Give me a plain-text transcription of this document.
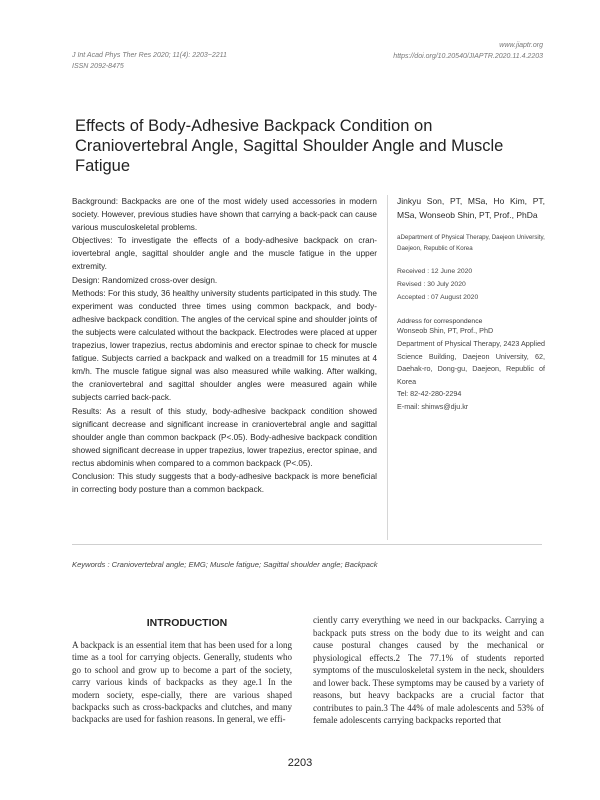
J Int Acad Phys Ther Res 2020; 11(4): 2203~2211
ISSN 2092-8475
www.jiaptr.org
https://doi.org/10.20540/JIAPTR.2020.11.4.2203
Effects of Body-Adhesive Backpack Condition on Craniovertebral Angle, Sagittal Shoulder Angle and Muscle Fatigue

Background: Backpacks are one of the most widely used accessories in modern society. However, previous studies have shown that carrying a back-pack can cause various musculoskeletal problems.

Objectives: To investigate the effects of a body-adhesive backpack on cran-iovertebral angle, sagittal shoulder angle and the muscle fatigue in the upper extremity.

Design: Randomized cross-over design.

Methods: For this study, 36 healthy university students participated in this study. The experiment was conducted three times using common backpack, and body-adhesive backpack condition. The angles of the cervical spine and shoulder joints of the subjects were calculated without the backpack. Electrodes were placed at upper trapezius, lower trapezius, rectus abdominis and erector spinae to check for muscle fatigue. Subjects carried a backpack and walked on a treadmill for 15 minutes at 4 km/h. The muscle fatigue signal was also measured while walking. After walking, the craniovertebral and sagittal shoulder angles were measured again while subjects carried back-pack.

Results: As a result of this study, body-adhesive backpack condition showed significant decrease and significant increase in craniovertebral angle and sagittal shoulder angle than common backpack (P<.05). Body-adhesive backpack condition showed significant decrease in upper trapezius, lower trapezius, erector spinae, and rectus abdominis when compared to a common backpack (P<.05).

Conclusion: This study suggests that a body-adhesive backpack is more beneficial in correcting body posture than a common backpack.

Jinkyu Son, PT, MSa, Ho Kim, PT, MSa, Wonseob Shin, PT, Prof., PhDa
aDepartment of Physical Therapy, Daejeon University, Daejeon, Republic of Korea
Received : 12 June 2020
Revised : 30 July 2020
Accepted : 07 August 2020
Address for correspondence
Wonseob Shin, PT, Prof., PhD
Department of Physical Therapy, 2423 Applied Science Building, Daejeon University, 62, Daehak-ro, Dong-gu, Daejeon, Republic of Korea
Tel: 82-42-280-2294
E-mail: shinws@dju.kr
Keywords : Craniovertebral angle; EMG; Muscle fatigue; Sagittal shoulder angle; Backpack
INTRODUCTION
A backpack is an essential item that has been used for a long time as a tool for carrying objects. Generally, students who go to school and grow up to become a part of the society, carry various kinds of backpacks as they age.1 In the modern society, espe-cially, there are various shaped backpacks such as cross-backpacks and clutches, and many backpacks are used for fashion reasons. In general, we effi-
ciently carry everything we need in our backpacks. Carrying a backpack puts stress on the body due to its weight and can cause postural changes caused by the mechanical or physiological effects.2 The 77.1% of students reported symptoms of the musculoskeletal system in the neck, shoulders and lower back. These symptoms may be caused by a variety of reasons, but heavy backpacks are a crucial factor that contributes to pain.3 The 44% of male adolescents and 53% of female adolescents carrying backpacks reported that
2203
